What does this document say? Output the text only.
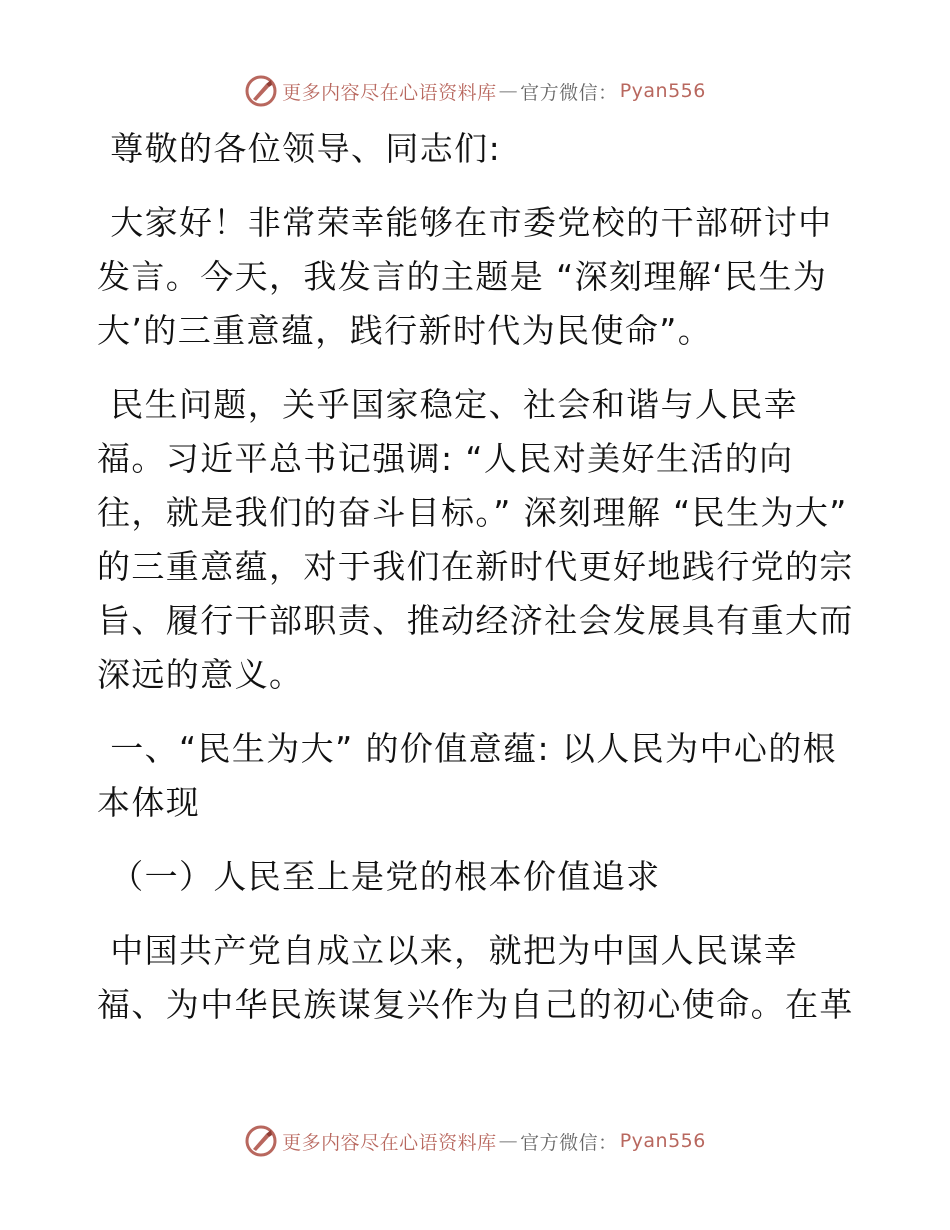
更多内容尽在心语资料库 — 官方微信： Pyan556

尊敬的各位领导、同志们:

大家好！非常荣幸能够在市委党校的干部研讨中发言。今天，我发言的主题是 “深刻理解‘民生为大’的三重意蕴，践行新时代为民使命”。

民生问题，关乎国家稳定、社会和谐与人民幸福。习近平总书记强调: “人民对美好生活的向往，就是我们的奋斗目标。” 深刻理解 “民生为大” 的三重意蕴，对于我们在新时代更好地践行党的宗旨、履行干部职责、推动经济社会发展具有重大而深远的意义。

一、“民生为大” 的价值意蕴: 以人民为中心的根本体现

（一）人民至上是党的根本价值追求

中国共产党自成立以来，就把为中国人民谋幸福、为中华民族谋复兴作为自己的初心使命。在革

更多内容尽在心语资料库 — 官方微信： Pyan556
